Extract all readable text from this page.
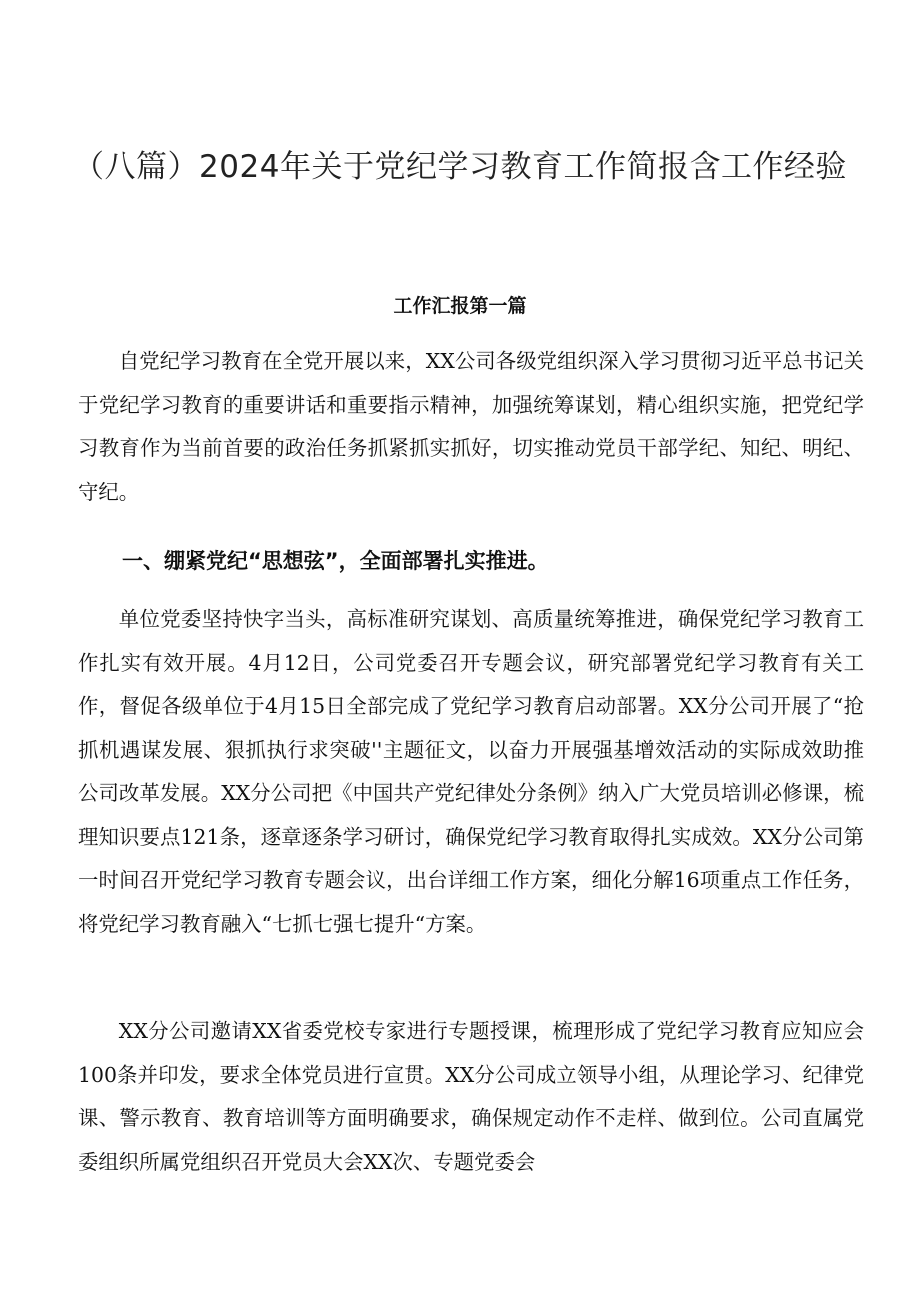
（八篇）2024年关于党纪学习教育工作简报含工作经验
工作汇报第一篇

自党纪学习教育在全党开展以来，XX公司各级党组织深入学习贯彻习近平总书记关于党纪学习教育的重要讲话和重要指示精神，加强统筹谋划，精心组织实施，把党纪学习教育作为当前首要的政治任务抓紧抓实抓好，切实推动党员干部学纪、知纪、明纪、守纪。

一、绷紧党纪“思想弦”，全面部署扎实推进。

单位党委坚持快字当头，高标准研究谋划、高质量统筹推进，确保党纪学习教育工作扎实有效开展。4月12日，公司党委召开专题会议，研究部署党纪学习教育有关工作，督促各级单位于4月15日全部完成了党纪学习教育启动部署。XX分公司开展了“抢抓机遇谋发展、狠抓执行求突破''主题征文，以奋力开展强基增效活动的实际成效助推公司改革发展。XX分公司把《中国共产党纪律处分条例》纳入广大党员培训必修课，梳理知识要点121条，逐章逐条学习研讨，确保党纪学习教育取得扎实成效。XX分公司第一时间召开党纪学习教育专题会议，出台详细工作方案，细化分解16项重点工作任务，将党纪学习教育融入“七抓七强七提升“方案。

XX分公司邀请XX省委党校专家进行专题授课，梳理形成了党纪学习教育应知应会100条并印发，要求全体党员进行宣贯。XX分公司成立领导小组，从理论学习、纪律党课、警示教育、教育培训等方面明确要求，确保规定动作不走样、做到位。公司直属党委组织所属党组织召开党员大会XX次、专题党委会
